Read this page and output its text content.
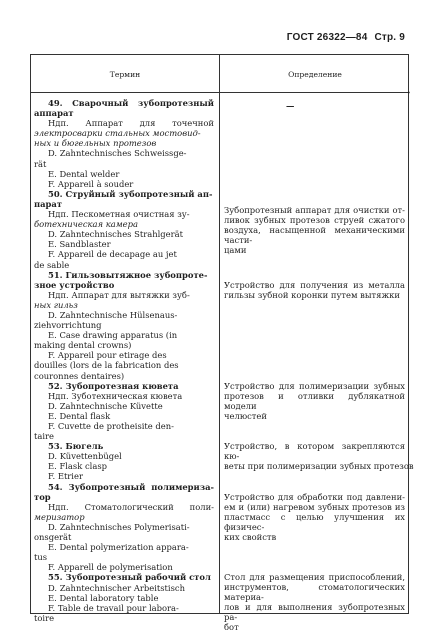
ГОСТ 26322—84 Стр. 9
Термин	Определение
•
49. Сварочный зубопротезный
аппарат
Ндп. Аппарат для точечной
электросварки стальных мостовид-
ных и бюгельных протезов
D. Zahntechnisches Schweissge-
rät
E. Dental welder
F. Appareil à souder
50. Струйный зубопротезный ап-
парат
Ндп. Пескометная очистная зу-
ботехническая камера
D. Zahntechnisches Strahlgerät
E. Sandblaster
F. Appareil de decapage au jet
de sable
51. Гильзовытяжное зубопроте-
зное устройство
Ндп. Аппарат для вытяжки зуб-
ных гильз
D. Zahntechnische Hülsenaus-
ziehvorrichtung
E. Case drawing apparatus (in
making dental crowns)
F. Appareil pour etirage des
douilles (lors de la fabrication des
couronnes dentaires)
52. Зубопротезная кювета
Ндп. Зуботехническая кювета
D. Zahntechnische Küvette
E. Dental flask
F. Cuvette de protheisite den-
taire
53. Бюгель
D. Küvettenbügel
E. Flask clasp
F. Etrier
54. Зубопротезный полимериза-
тор
Ндп. Стоматологический поли-
меризатор
D. Zahntechnisches Polymerisati-
onsgerät
E. Dental polymerization appara-
tus
F. Apparell de polymerisation
55. Зубопротезный рабочий стол
D. Zahntechnischer Arbeitstisch
E. Dental laboratory table
F. Table de travail pour labora-
toire
—
Зубопротезный аппарат для очистки от-
ливок зубных протезов струей сжатого
воздуха, насыщенной механическими части-
цами
Устройство для получения из металла
гильзы зубной коронки путем вытяжки
Устройство для полимеризации зубных
протезов и отливки дублякатной модели
челюстей
Устройство, в котором закрепляются кю-
веты при полимеризации зубных протезов
Устройство для обработки под давлени-
ем и (или) нагревом зубных протезов из
пластмасс с целью улучшения их физичес-
ких свойств
Стол для размещения приспособлений,
инструментов, стоматологических материа-
лов и для выполнения зубопротезных ра-
бот
